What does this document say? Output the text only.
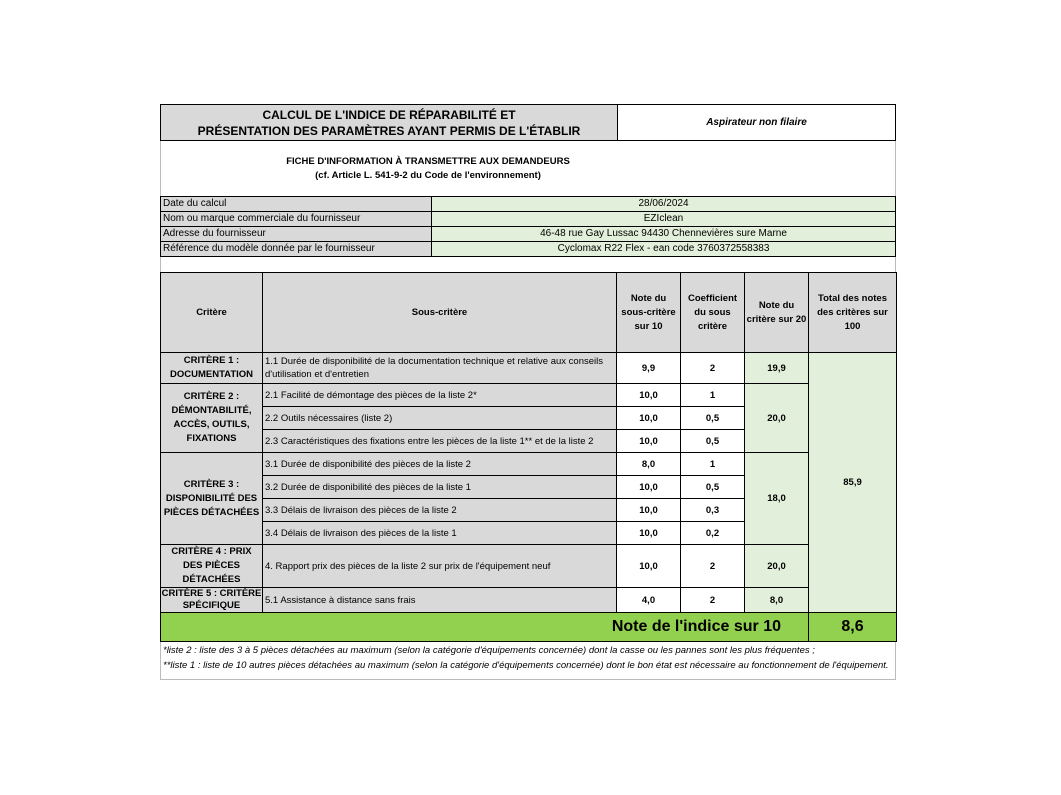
CALCUL DE L'INDICE DE RÉPARABILITÉ ET
PRÉSENTATION DES PARAMÈTRES AYANT PERMIS DE L'ÉTABLIR
Aspirateur non filaire
FICHE D'INFORMATION À TRANSMETTRE AUX DEMANDEURS
(cf. Article L. 541-9-2 du Code de l'environnement)
Date du calcul	28/06/2024
Nom ou marque commerciale du fournisseur	EZIclean
Adresse du fournisseur	46-48 rue Gay Lussac 94430 Chennevières sure Marne
Référence du modèle donnée par le fournisseur	Cyclomax R22 Flex - ean code 3760372558383
Critère	Sous-critère	Note du sous-critère sur 10	Coefficient du sous critère	Note du critère sur 20	Total des notes des critères sur 100
CRITÈRE 1 : DOCUMENTATION	1.1 Durée de disponibilité de la documentation technique et relative aux conseils d'utilisation et d'entretien	9,9	2	19,9	85,9
CRITÈRE 2 : DÉMONTABILITÉ, ACCÈS, OUTILS, FIXATIONS	2.1 Facilité de démontage des pièces de la liste 2*	10,0	1	20,0	
	2.2 Outils nécessaires (liste 2)	10,0	0,5		
	2.3 Caractéristiques des fixations entre les pièces de la liste 1** et de la liste 2	10,0	0,5		
CRITÈRE 3 : DISPONIBILITÉ DES PIÈCES DÉTACHÉES	3.1 Durée de disponibilité des pièces de la liste 2	8,0	1	18,0	
	3.2 Durée de disponibilité des pièces de la liste 1	10,0	0,5		
	3.3 Délais de livraison des pièces de la liste 2	10,0	0,3		
	3.4 Délais de livraison des pièces de la liste 1	10,0	0,2		
CRITÈRE 4 : PRIX DES PIÈCES DÉTACHÉES	4. Rapport prix des pièces de la liste 2 sur prix de l'équipement neuf	10,0	2	20,0	
CRITÈRE 5 : CRITÈRE SPÉCIFIQUE	5.1 Assistance à distance sans frais	4,0	2	8,0	
Note de l'indice sur 10					8,6
*liste 2 : liste des 3 à 5 pièces détachées au maximum (selon la catégorie d'équipements concernée) dont la casse ou les pannes sont les plus fréquentes ;
**liste 1 : liste de 10 autres pièces détachées au maximum (selon la catégorie d'équipements concernée) dont le bon état est nécessaire au fonctionnement de l'équipement.
